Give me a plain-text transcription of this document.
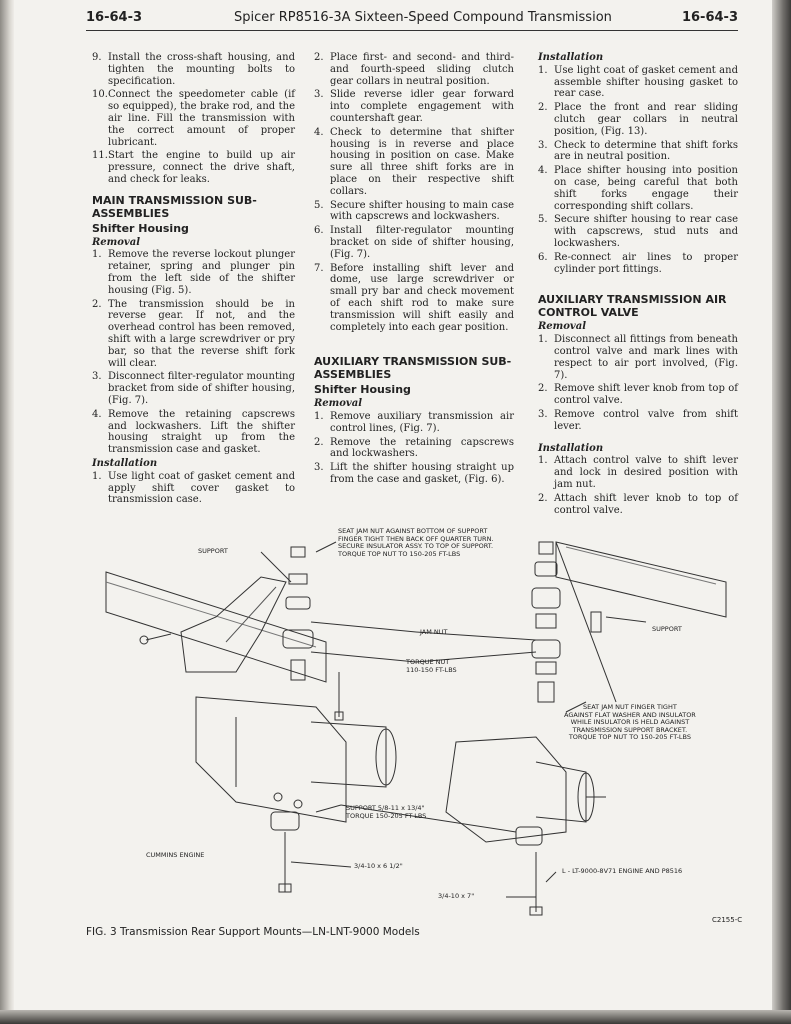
16-64-3	Spicer RP8516-3A Sixteen-Speed Compound Transmission	16-64-3
9. Install the cross-shaft housing, and tighten the mounting bolts to specification.
10.Connect the speedometer cable (if so equipped), the brake rod, and the air line. Fill the transmission with the correct amount of proper lubricant.
11.Start the engine to build up air pressure, connect the drive shaft, and check for leaks.
MAIN TRANSMISSION SUB-ASSEMBLIES
Shifter Housing
Removal
1. Remove the reverse lockout plunger retainer, spring and plunger pin from the left side of the shifter housing (Fig. 5).
2. The transmission should be in reverse gear. If not, and the overhead control has been removed, shift with a large screwdriver or pry bar, so that the reverse shift fork will clear.
3. Disconnect filter-regulator mounting bracket from side of shifter housing, (Fig. 7).
4. Remove the retaining capscrews and lockwashers. Lift the shifter housing straight up from the transmission case and gasket.
Installation
1. Use light coat of gasket cement and apply shift cover gasket to transmission case.
2. Place first- and second- and third- and fourth-speed sliding clutch gear collars in neutral position.
3. Slide reverse idler gear forward into complete engagement with countershaft gear.
4. Check to determine that shifter housing is in reverse and place housing in position on case. Make sure all three shift forks are in place on their respective shift collars.
5. Secure shifter housing to main case with capscrews and lockwashers.
6. Install filter-regulator mounting bracket on side of shifter housing, (Fig. 7).
7. Before installing shift lever and dome, use large screwdriver or small pry bar and check movement of each shift rod to make sure transmission will shift easily and completely into each gear position.
AUXILIARY TRANSMISSION SUB-ASSEMBLIES
Shifter Housing
Removal
1. Remove auxiliary transmission air control lines, (Fig. 7).
2. Remove the retaining capscrews and lockwashers.
3. Lift the shifter housing straight up from the case and gasket, (Fig. 6).
Installation
1. Use light coat of gasket cement and assemble shifter housing gasket to rear case.
2. Place the front and rear sliding clutch gear collars in neutral position, (Fig. 13).
3. Check to determine that shift forks are in neutral position.
4. Place shifter housing into position on case, being careful that both shift forks engage their corresponding shift collars.
5. Secure shifter housing to rear case with capscrews, stud nuts and lockwashers.
6. Re-connect air lines to proper cylinder port fittings.
AUXILIARY TRANSMISSION AIR CONTROL VALVE
Removal
1. Disconnect all fittings from beneath control valve and mark lines with respect to air port involved, (Fig. 7).
2. Remove shift lever knob from top of control valve.
3. Remove control valve from shift lever.
Installation
1. Attach control valve to shift lever and lock in desired position with jam nut.
2. Attach shift lever knob to top of control valve.
SEAT JAM NUT AGAINST BOTTOM OF SUPPORT
FINGER TIGHT THEN BACK OFF QUARTER TURN.
SECURE INSULATOR ASSY. TO TOP OF SUPPORT.
TORQUE TOP NUT TO 150-205 FT-LBS
SUPPORT
SUPPORT
JAM NUT
TORQUE NUT
110-150 FT-LBS
SEAT JAM NUT FINGER TIGHT
AGAINST FLAT WASHER AND INSULATOR
WHILE INSULATOR IS HELD AGAINST
TRANSMISSION SUPPORT BRACKET.
TORQUE TOP NUT TO 150-205 FT-LBS
SUPPORT 5/8-11 x 13/4"
TORQUE 150-205 FT-LBS
CUMMINS ENGINE
3/4-10 x 6 1/2"
L - LT-9000-8V71 ENGINE AND P8516
3/4-10 x 7"
C2155-C
FIG. 3 Transmission Rear Support Mounts—LN-LNT-9000 Models
